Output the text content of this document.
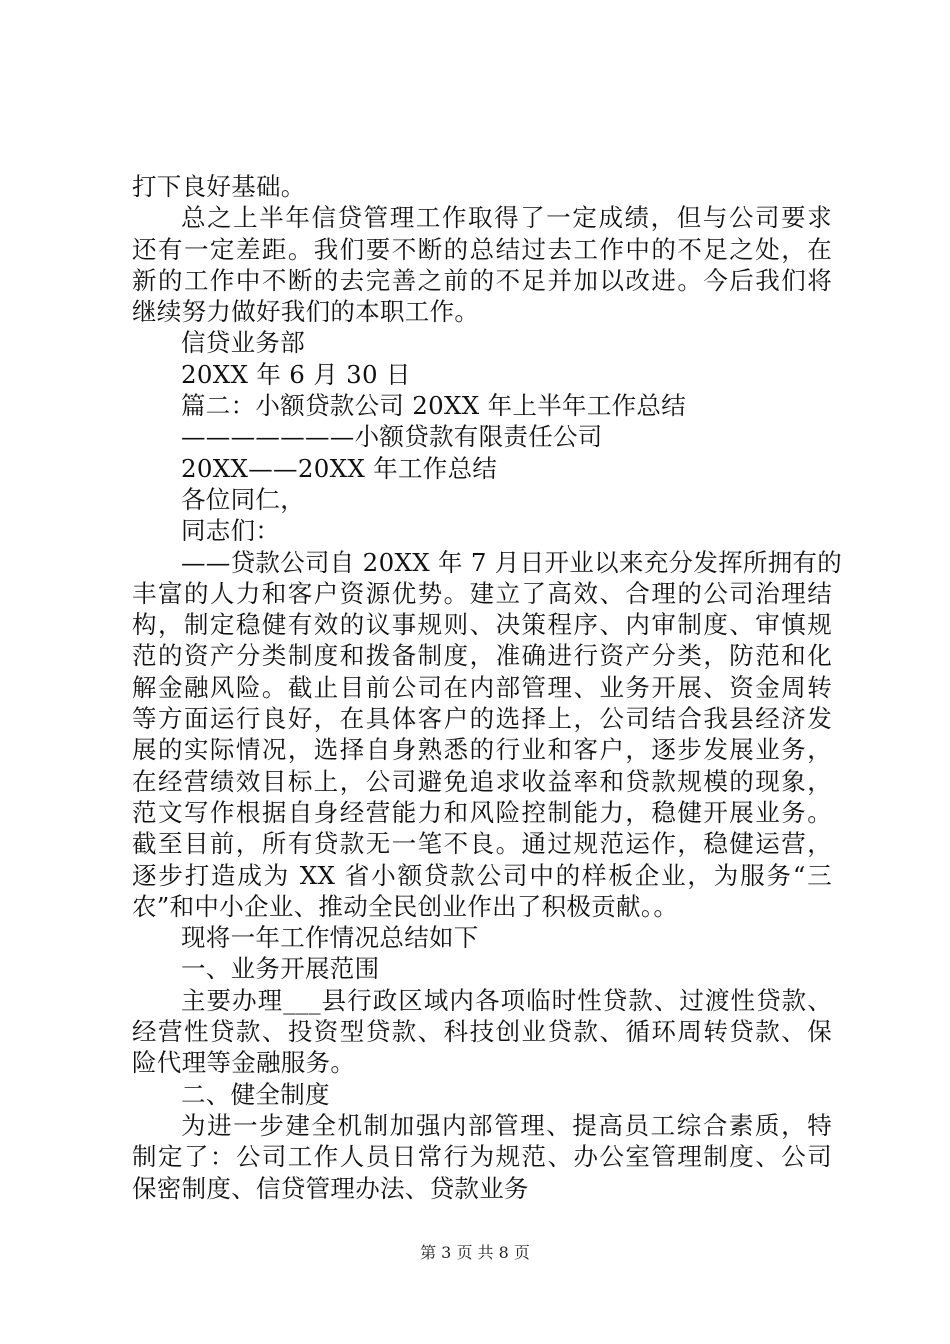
打下良好基础。
总之上半年信贷管理工作取得了一定成绩，但与公司要求
还有一定差距。我们要不断的总结过去工作中的不足之处，在
新的工作中不断的去完善之前的不足并加以改进。今后我们将
继续努力做好我们的本职工作。
信贷业务部
20XX 年 6 月 30 日
篇二：小额贷款公司 20XX 年上半年工作总结
———————小额贷款有限责任公司
20XX——20XX 年工作总结
各位同仁，
同志们：
——贷款公司自 20XX 年 7 月日开业以来充分发挥所拥有的
丰富的人力和客户资源优势。建立了高效、合理的公司治理结
构，制定稳健有效的议事规则、决策程序、内审制度、审慎规
范的资产分类制度和拨备制度，准确进行资产分类，防范和化
解金融风险。截止目前公司在内部管理、业务开展、资金周转
等方面运行良好，在具体客户的选择上，公司结合我县经济发
展的实际情况，选择自身熟悉的行业和客户，逐步发展业务，
在经营绩效目标上，公司避免追求收益率和贷款规模的现象，
范文写作根据自身经营能力和风险控制能力，稳健开展业务。
截至目前，所有贷款无一笔不良。通过规范运作，稳健运营，
逐步打造成为 XX 省小额贷款公司中的样板企业，为服务“三
农”和中小企业、推动全民创业作出了积极贡献。。
现将一年工作情况总结如下
一、业务开展范围
主要办理___县行政区域内各项临时性贷款、过渡性贷款、
经营性贷款、投资型贷款、科技创业贷款、循环周转贷款、保
险代理等金融服务。
二、健全制度
为进一步建全机制加强内部管理、提高员工综合素质，特
制定了：公司工作人员日常行为规范、办公室管理制度、公司
保密制度、信贷管理办法、贷款业务
第 3 页 共 8 页
